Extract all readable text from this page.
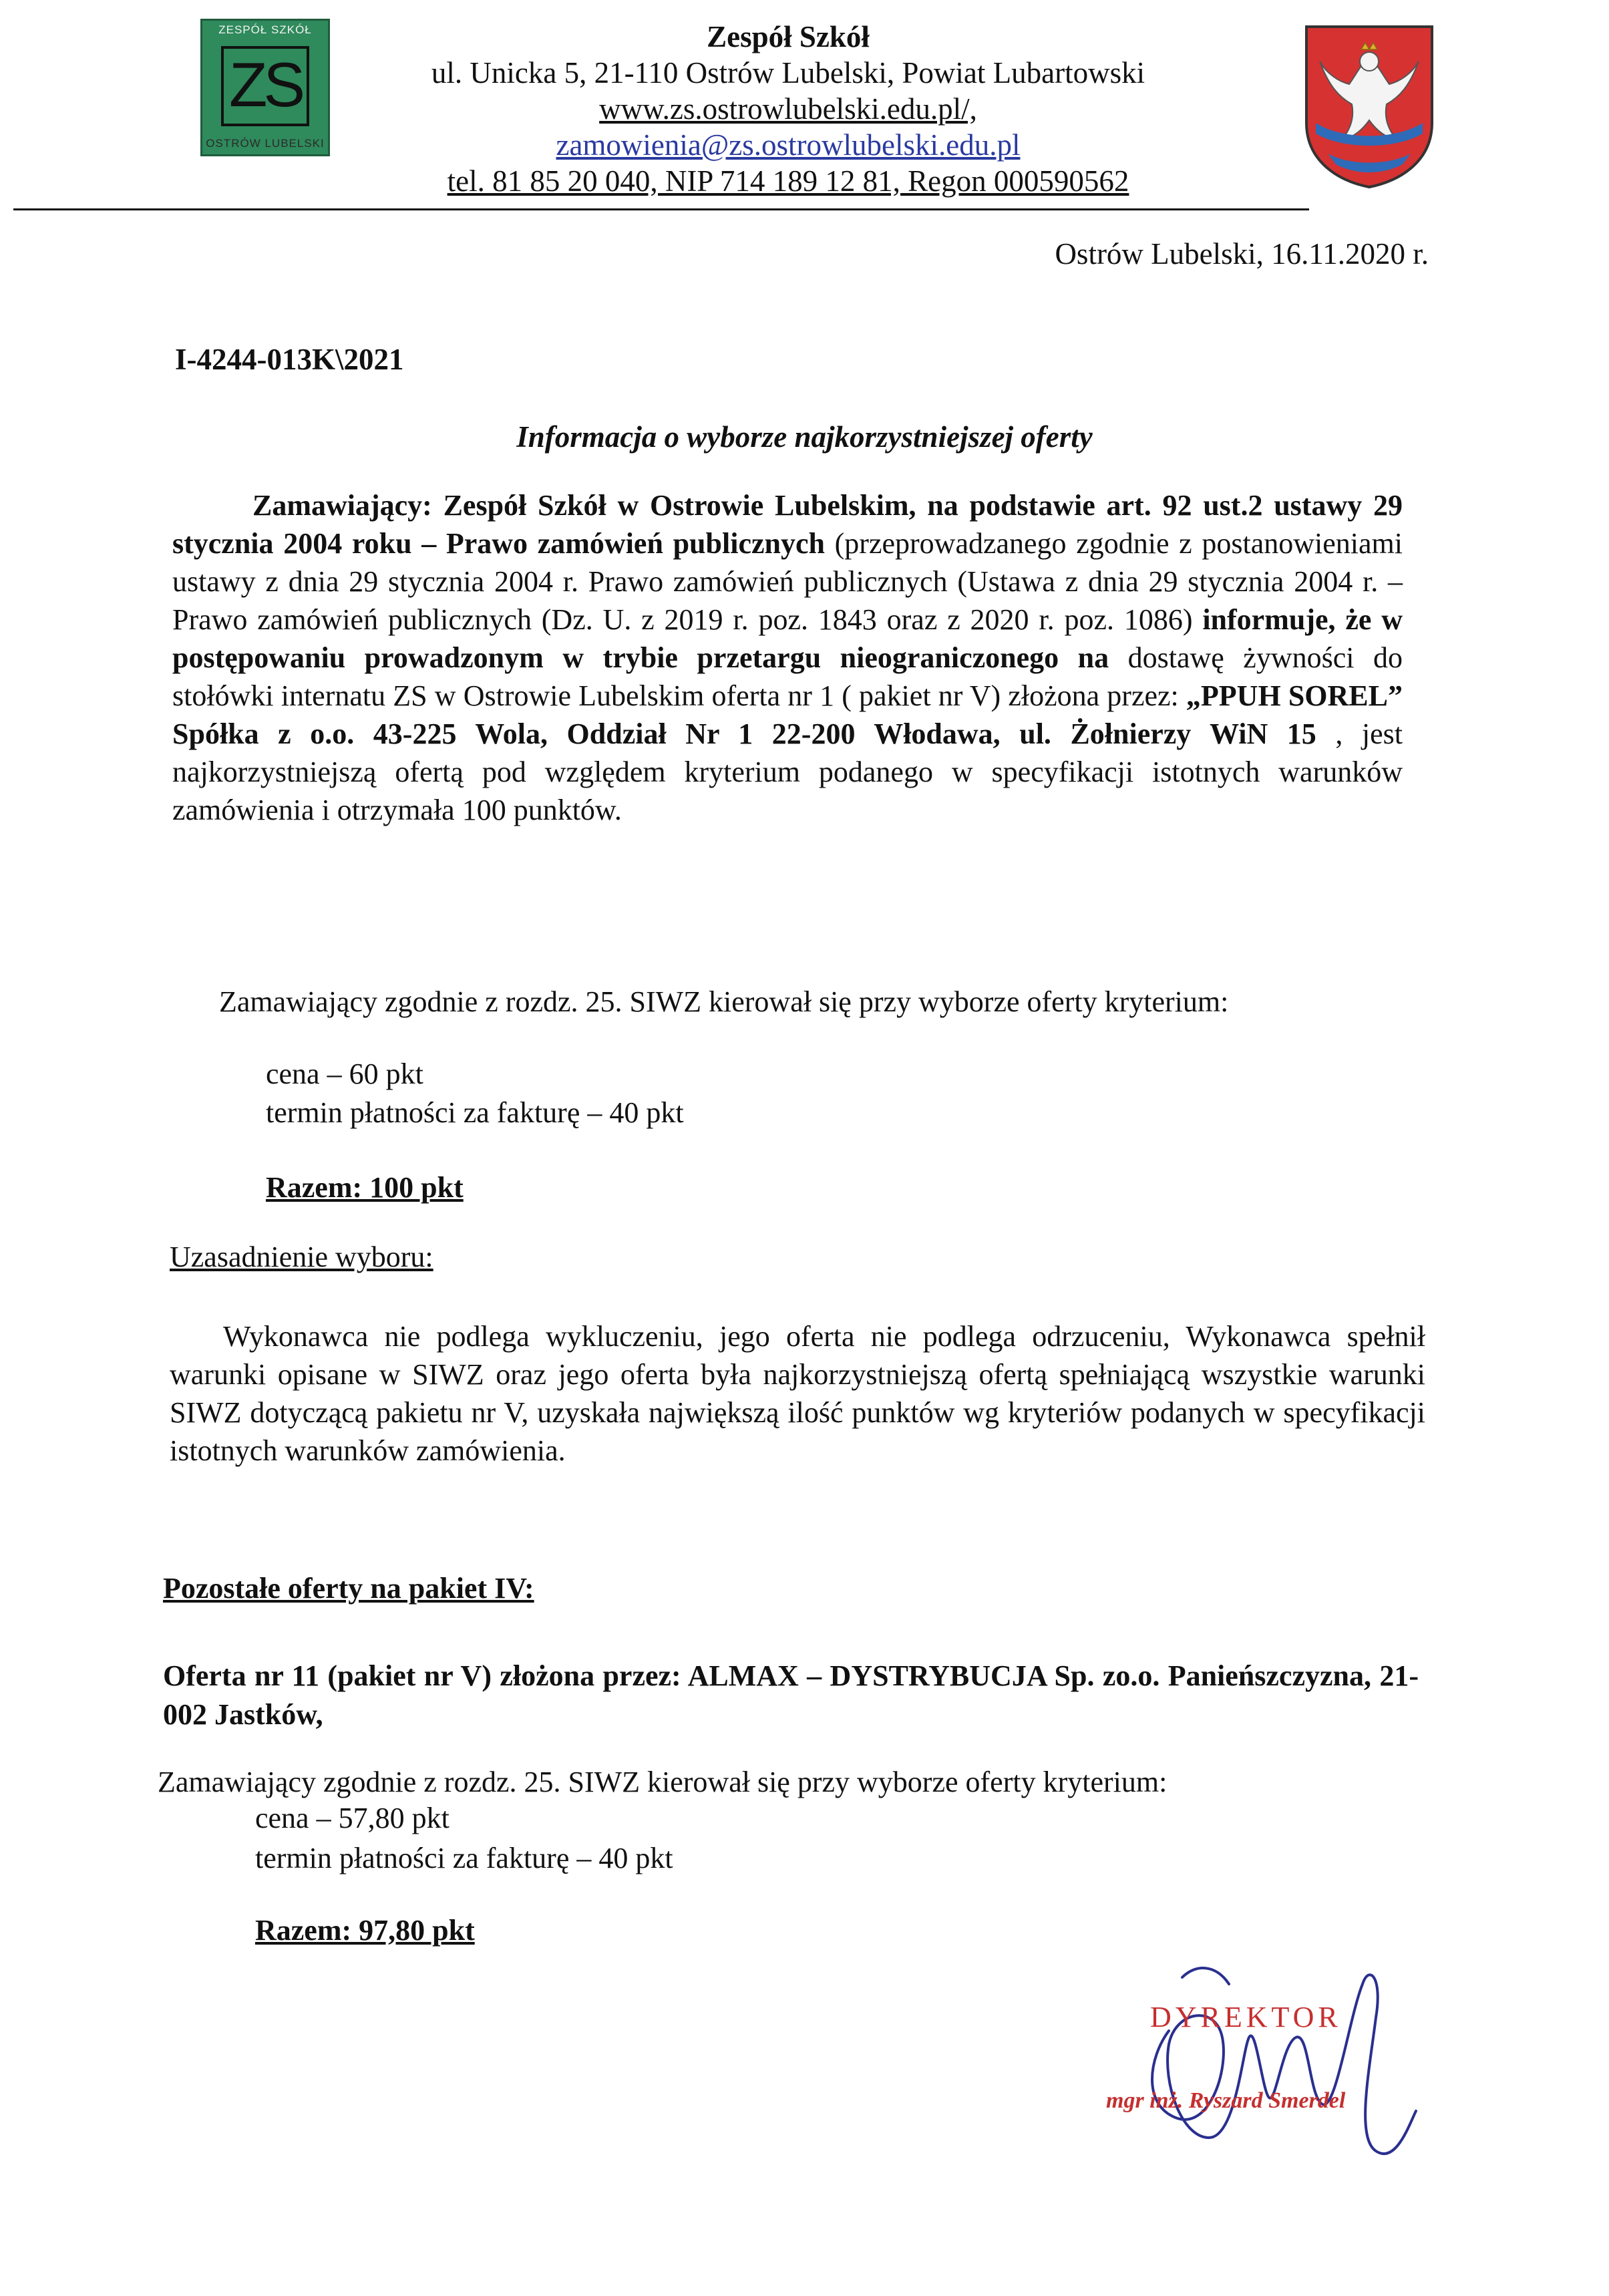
ZESPÓŁ SZKÓŁ
ZS
OSTRÓW LUBELSKI
Zespół Szkół
ul. Unicka 5, 21-110 Ostrów Lubelski, Powiat Lubartowski
www.zs.ostrowlubelski.edu.pl/,
zamowienia@zs.ostrowlubelski.edu.pl
tel. 81 85 20 040, NIP 714 189 12 81, Regon 000590562
Ostrów Lubelski, 16.11.2020 r.
I-4244-013K\2021
Informacja o wyborze najkorzystniejszej oferty
Zamawiający: Zespół Szkół w Ostrowie Lubelskim, na podstawie art. 92 ust.2 ustawy 29 stycznia 2004 roku – Prawo zamówień publicznych (przeprowadzanego zgodnie z postanowieniami ustawy z dnia 29 stycznia 2004 r. Prawo zamówień publicznych (Ustawa z dnia 29 stycznia 2004 r. – Prawo zamówień publicznych (Dz. U. z 2019 r. poz. 1843 oraz z 2020 r. poz. 1086) informuje, że w postępowaniu prowadzonym w trybie przetargu nieograniczonego na dostawę żywności do stołówki internatu ZS w Ostrowie Lubelskim oferta nr 1 ( pakiet nr V) złożona przez: „PPUH SOREL” Spółka z o.o. 43-225 Wola, Oddział Nr 1 22-200 Włodawa, ul. Żołnierzy WiN 15 , jest najkorzystniejszą ofertą pod względem kryterium podanego w specyfikacji istotnych warunków zamówienia i otrzymała 100 punktów.
Zamawiający zgodnie z rozdz. 25. SIWZ kierował się przy wyborze oferty kryterium:
cena – 60 pkt
termin płatności za fakturę – 40 pkt
Razem: 100 pkt
Uzasadnienie wyboru:
Wykonawca nie podlega wykluczeniu, jego oferta nie podlega odrzuceniu, Wykonawca spełnił warunki opisane w SIWZ oraz jego oferta była najkorzystniejszą ofertą spełniającą wszystkie warunki SIWZ dotyczącą pakietu nr V, uzyskała największą ilość punktów wg kryteriów podanych w specyfikacji istotnych warunków zamówienia.
Pozostałe oferty na pakiet IV:
Oferta nr 11 (pakiet nr V) złożona przez: ALMAX – DYSTRYBUCJA Sp. zo.o. Panieńszczyzna, 21-002 Jastków,
Zamawiający zgodnie z rozdz. 25. SIWZ kierował się przy wyborze oferty kryterium:
cena – 57,80 pkt
termin płatności za fakturę – 40 pkt
Razem: 97,80 pkt
DYREKTOR
mgr inż. Ryszard Smerdel
